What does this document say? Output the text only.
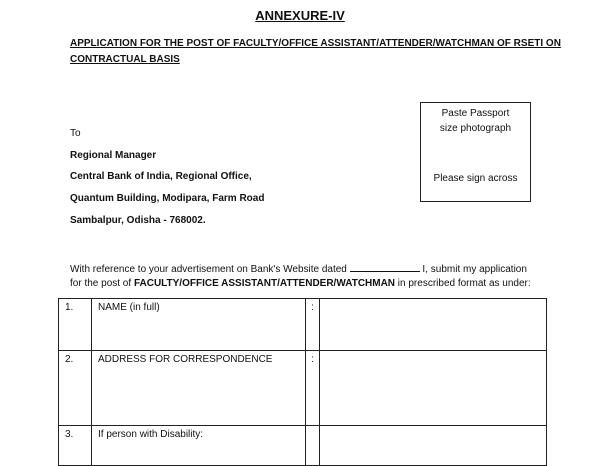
ANNEXURE-IV
APPLICATION FOR THE POST OF FACULTY/OFFICE ASSISTANT/ATTENDER/WATCHMAN OF RSETI ON
CONTRACTUAL BASIS
Paste Passport
size photograph
Please sign across
To
Regional Manager
Central Bank of India, Regional Office,
Quantum Building, Modipara, Farm Road
Sambalpur, Odisha - 768002.
With reference to your advertisement on Bank's Website dated	I, submit my application
for the post of FACULTY/OFFICE ASSISTANT/ATTENDER/WATCHMAN in prescribed format as under:
1.	NAME (in full)	:	
2.	ADDRESS FOR CORRESPONDENCE	:	
3.	If person with Disability:		
